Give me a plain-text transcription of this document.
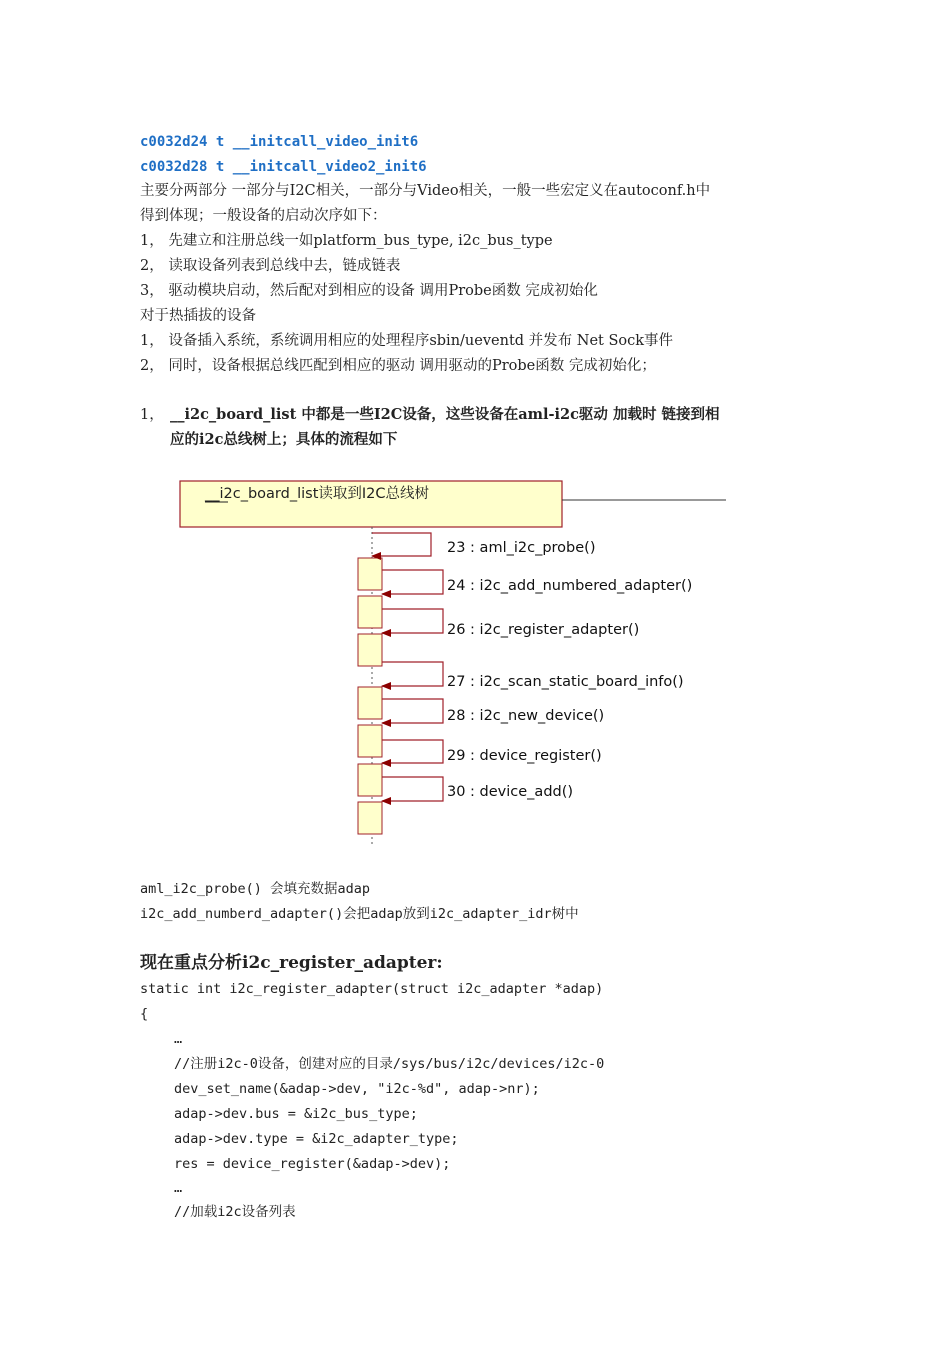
c0032d24 t __initcall_video_init6
c0032d28 t __initcall_video2_init6
主要分两部分 一部分与I2C相关，一部分与Video相关，一般一些宏定义在autoconf.h中
得到体现；一般设备的启动次序如下：
1， 先建立和注册总线一如platform_bus_type, i2c_bus_type
2， 读取设备列表到总线中去，链成链表
3， 驱动模块启动，然后配对到相应的设备 调用Probe函数 完成初始化
对于热插拔的设备
1， 设备插入系统，系统调用相应的处理程序sbin/ueventd 并发布 Net Sock事件
2， 同时，设备根据总线匹配到相应的驱动 调用驱动的Probe函数 完成初始化；
1， __i2c_board_list 中都是一些I2C设备，这些设备在aml-i2c驱动 加载时 链接到相
应的i2c总线树上；具体的流程如下
__i2c_board_list读取到I2C总线树
23 : aml_i2c_probe()
24 : i2c_add_numbered_adapter()
26 : i2c_register_adapter()
27 : i2c_scan_static_board_info()
28 : i2c_new_device()
29 : device_register()
30 : device_add()
aml_i2c_probe() 会填充数据adap
i2c_add_numberd_adapter()会把adap放到i2c_adapter_idr树中
现在重点分析i2c_register_adapter:
static int i2c_register_adapter(struct i2c_adapter *adap)
{
…
//注册i2c-0设备，创建对应的目录/sys/bus/i2c/devices/i2c-0
dev_set_name(&adap->dev, "i2c-%d", adap->nr);
adap->dev.bus = &i2c_bus_type;
adap->dev.type = &i2c_adapter_type;
res = device_register(&adap->dev);
…
//加载i2c设备列表
